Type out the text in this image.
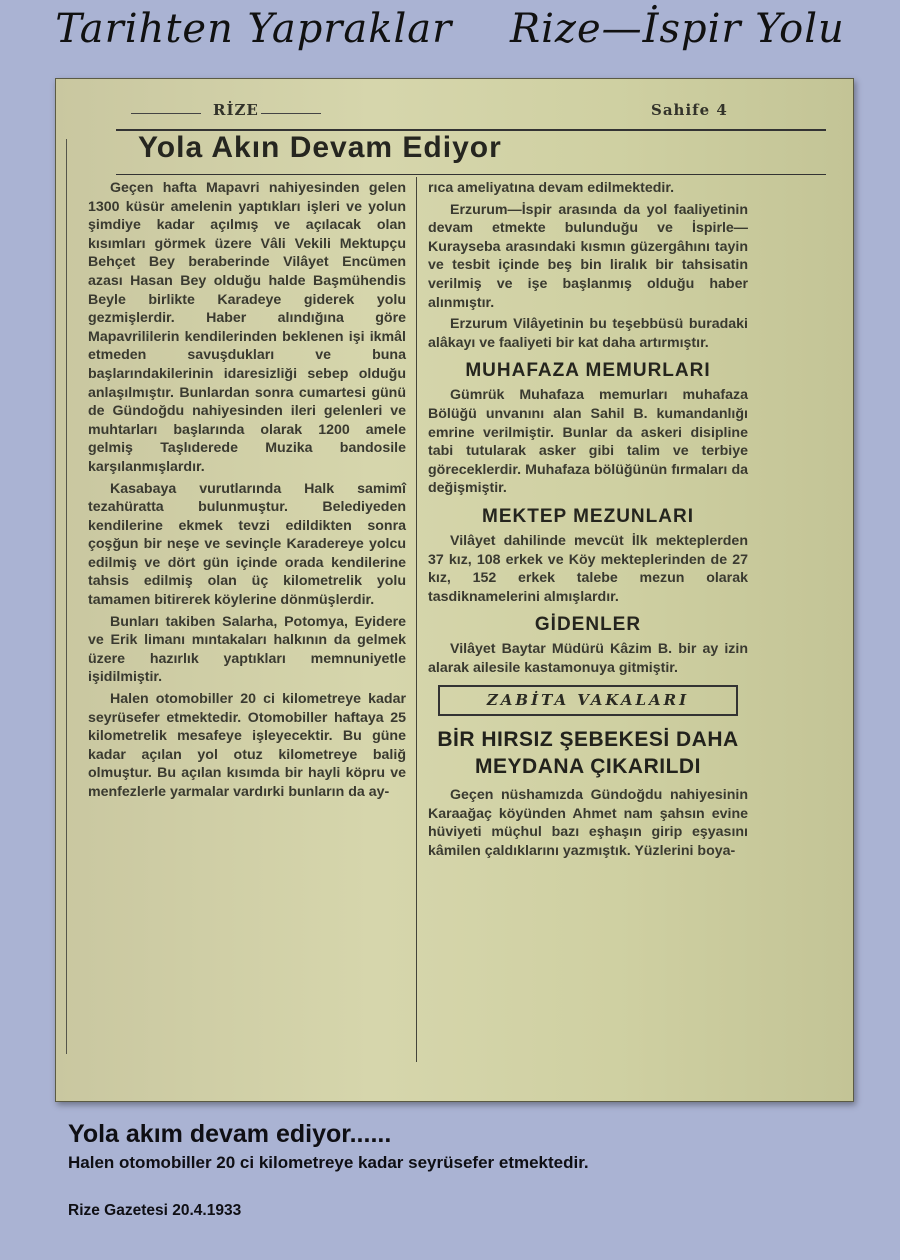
Tarihten Yapraklar Rize—İspir Yolu
RİZE	Sahife 4
Yola Akın Devam Ediyor

Geçen hafta Mapavri nahiyesinden gelen 1300 küsür amelenin yaptıkları işleri ve yolun şimdiye kadar açılmış ve açılacak olan kısımları görmek üzere Vâli Vekili Mektupçu Behçet Bey beraberinde Vilâyet Encümen azası Hasan Bey olduğu halde Başmühendis Beyle birlikte Karadeye giderek yolu gezmişlerdir. Haber alındığına göre Mapavrililerin kendilerinden beklenen işi ikmâl etmeden savuşdukları ve buna başlarındakilerinin idaresizliği sebep olduğu anlaşılmıştır. Bunlardan sonra cumartesi günü de Gündoğdu nahiyesinden ileri gelenleri ve muhtarları başlarında olarak 1200 amele gelmiş Taşlıderede Muzika bandosile karşılanmışlardır.

Kasabaya vurutlarında Halk samimî tezahüratta bulunmuştur. Belediyeden kendilerine ekmek tevzi edildikten sonra çoşğun bir neşe ve sevinçle Karadereye yolcu edilmiş ve dört gün içinde orada kendilerine tahsis edilmiş olan üç kilometrelik yolu tamamen bitirerek köylerine dönmüşlerdir.

Bunları takiben Salarha, Potomya, Eyidere ve Erik limanı mıntakaları halkının da gelmek üzere hazırlık yaptıkları memnuniyetle işidilmiştir.

Halen otomobiller 20 ci kilometreye kadar seyrüsefer etmektedir. Otomobiller haftaya 25 kilometrelik mesafeye işleyecektir. Bu güne kadar açılan yol otuz kilometreye baliğ olmuştur. Bu açılan kısımda bir hayli köpru ve menfezlerle yarmalar vardırki bunların da ay-

rıca ameliyatına devam edilmektedir.

Erzurum—İspir arasında da yol faaliyetinin devam etmekte bulunduğu ve İspirle—Kurayseba arasındaki kısmın güzergâhını tayin ve tesbit içinde beş bin liralık bir tahsisatin verilmiş ve işe başlanmış olduğu haber alınmıştır.

Erzurum Vilâyetinin bu teşebbüsü buradaki alâkayı ve faaliyeti bir kat daha artırmıştır.

MUHAFAZA MEMURLARI

Gümrük Muhafaza memurları muhafaza Bölüğü unvanını alan Sahil B. kumandanlığı emrine verilmiştir. Bunlar da askeri disipline tabi tutularak asker gibi talim ve terbiye göreceklerdir. Muhafaza bölüğünün fırmaları da değişmiştir.

MEKTEP MEZUNLARI

Vilâyet dahilinde mevcüt İlk mekteplerden 37 kız, 108 erkek ve Köy mekteplerinden de 27 kız, 152 erkek talebe mezun olarak tasdiknamelerini almışlardır.

GİDENLER

Vilâyet Baytar Müdürü Kâzim B. bir ay izin alarak ailesile kastamonuya gitmiştir.

ZABİTA VAKALARI
BİR HIRSIZ ŞEBEKESİ DAHA
MEYDANA ÇIKARILDI

Geçen nüshamızda Gündoğdu nahiyesinin Karaağaç köyünden Ahmet nam şahsın evine hüviyeti müçhul bazı eşhaşın girip eşyasını kâmilen çaldıklarını yazmıştık. Yüzlerini boya-

Yola akım devam ediyor......
Halen otomobiller 20 ci kilometreye kadar seyrüsefer etmektedir.
Rize Gazetesi 20.4.1933
